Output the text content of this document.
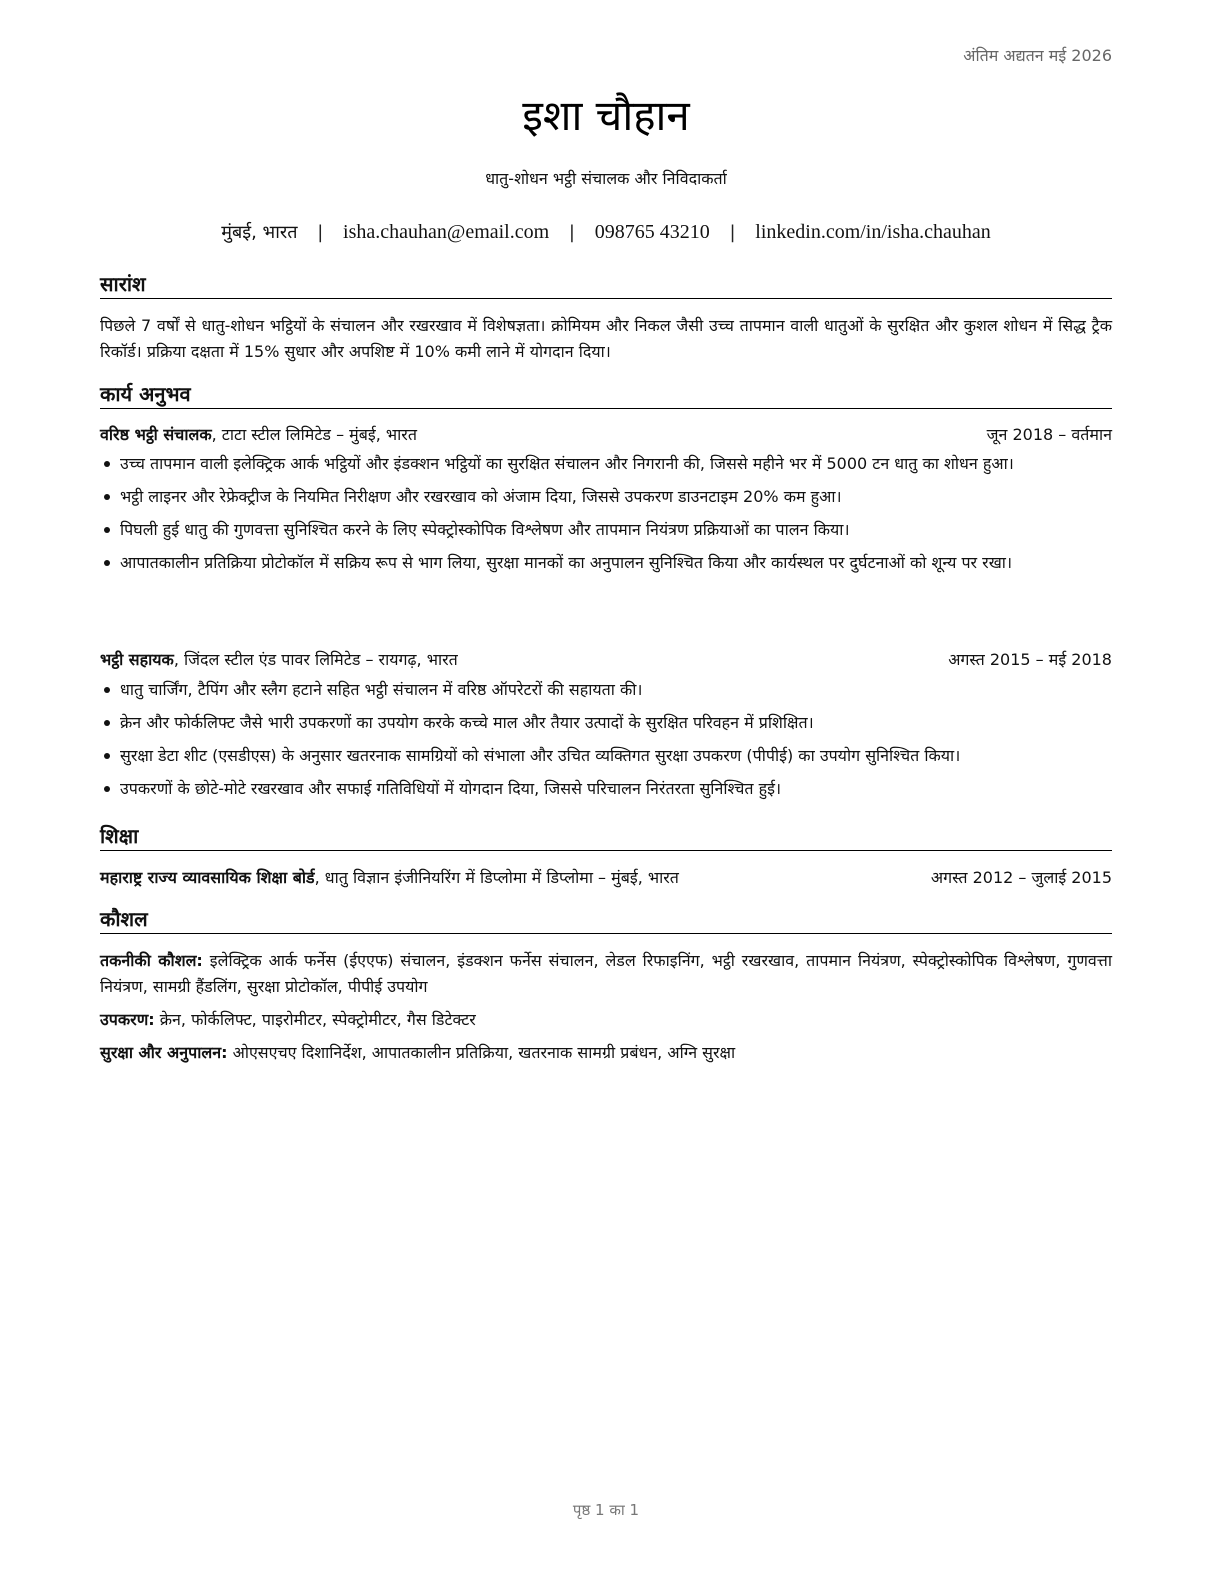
अंतिम अद्यतन मई 2026
इशा चौहान
धातु-शोधन भट्ठी संचालक और निविदाकर्ता
मुंबई, भारत | isha.chauhan@email.com | 098765 43210 | linkedin.com/in/isha.chauhan
सारांश
पिछले 7 वर्षों से धातु-शोधन भट्ठियों के संचालन और रखरखाव में विशेषज्ञता। क्रोमियम और निकल जैसी उच्च तापमान वाली धातुओं के सुरक्षित और कुशल शोधन में सिद्ध ट्रैक रिकॉर्ड। प्रक्रिया दक्षता में 15% सुधार और अपशिष्ट में 10% कमी लाने में योगदान दिया।
कार्य अनुभव
वरिष्ठ भट्ठी संचालक, टाटा स्टील लिमिटेड – मुंबई, भारत	जून 2018 – वर्तमान
उच्च तापमान वाली इलेक्ट्रिक आर्क भट्ठियों और इंडक्शन भट्ठियों का सुरक्षित संचालन और निगरानी की, जिससे महीने भर में 5000 टन धातु का शोधन हुआ।
भट्ठी लाइनर और रेफ्रेक्ट्रीज के नियमित निरीक्षण और रखरखाव को अंजाम दिया, जिससे उपकरण डाउनटाइम 20% कम हुआ।
पिघली हुई धातु की गुणवत्ता सुनिश्चित करने के लिए स्पेक्ट्रोस्कोपिक विश्लेषण और तापमान नियंत्रण प्रक्रियाओं का पालन किया।
आपातकालीन प्रतिक्रिया प्रोटोकॉल में सक्रिय रूप से भाग लिया, सुरक्षा मानकों का अनुपालन सुनिश्चित किया और कार्यस्थल पर दुर्घटनाओं को शून्य पर रखा।
भट्ठी सहायक, जिंदल स्टील एंड पावर लिमिटेड – रायगढ़, भारत	अगस्त 2015 – मई 2018
धातु चार्जिंग, टैपिंग और स्लैग हटाने सहित भट्ठी संचालन में वरिष्ठ ऑपरेटरों की सहायता की।
क्रेन और फोर्कलिफ्ट जैसे भारी उपकरणों का उपयोग करके कच्चे माल और तैयार उत्पादों के सुरक्षित परिवहन में प्रशिक्षित।
सुरक्षा डेटा शीट (एसडीएस) के अनुसार खतरनाक सामग्रियों को संभाला और उचित व्यक्तिगत सुरक्षा उपकरण (पीपीई) का उपयोग सुनिश्चित किया।
उपकरणों के छोटे-मोटे रखरखाव और सफाई गतिविधियों में योगदान दिया, जिससे परिचालन निरंतरता सुनिश्चित हुई।
शिक्षा
महाराष्ट्र राज्य व्यावसायिक शिक्षा बोर्ड, धातु विज्ञान इंजीनियरिंग में डिप्लोमा में डिप्लोमा – मुंबई, भारत	अगस्त 2012 – जुलाई 2015
कौशल
तकनीकी कौशल: इलेक्ट्रिक आर्क फर्नेस (ईएएफ) संचालन, इंडक्शन फर्नेस संचालन, लेडल रिफाइनिंग, भट्ठी रखरखाव, तापमान नियंत्रण, स्पेक्ट्रोस्कोपिक विश्लेषण, गुणवत्ता नियंत्रण, सामग्री हैंडलिंग, सुरक्षा प्रोटोकॉल, पीपीई उपयोग
उपकरण: क्रेन, फोर्कलिफ्ट, पाइरोमीटर, स्पेक्ट्रोमीटर, गैस डिटेक्टर
सुरक्षा और अनुपालन: ओएसएचए दिशानिर्देश, आपातकालीन प्रतिक्रिया, खतरनाक सामग्री प्रबंधन, अग्नि सुरक्षा
पृष्ठ 1 का 1
